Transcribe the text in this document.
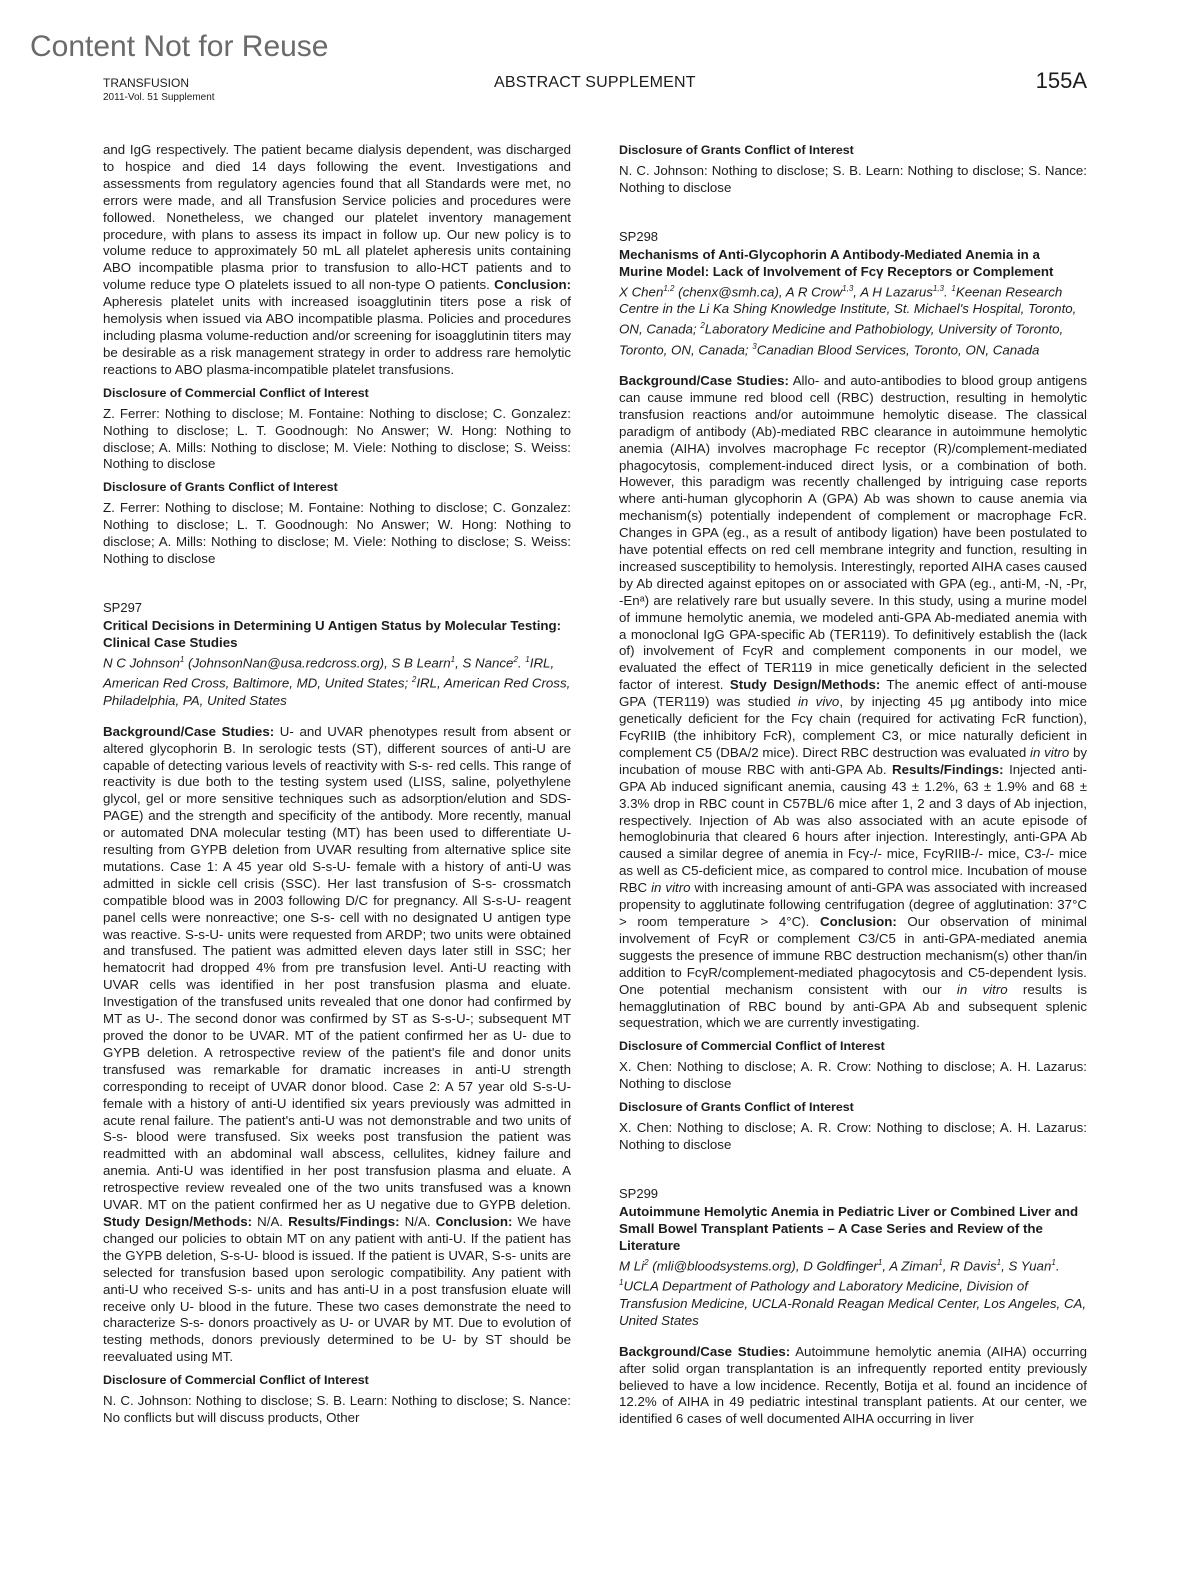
Content Not for Reuse
TRANSFUSION
2011-Vol. 51 Supplement
ABSTRACT SUPPLEMENT	155A

and IgG respectively. The patient became dialysis dependent, was discharged to hospice and died 14 days following the event. Investigations and assessments from regulatory agencies found that all Standards were met, no errors were made, and all Transfusion Service policies and procedures were followed. Nonetheless, we changed our platelet inventory management procedure, with plans to assess its impact in follow up. Our new policy is to volume reduce to approximately 50 mL all platelet apheresis units containing ABO incompatible plasma prior to transfusion to allo-HCT patients and to volume reduce type O platelets issued to all non-type O patients. Conclusion: Apheresis platelet units with increased isoagglutinin titers pose a risk of hemolysis when issued via ABO incompatible plasma. Policies and procedures including plasma volume-reduction and/or screening for isoagglutinin titers may be desirable as a risk management strategy in order to address rare hemolytic reactions to ABO plasma-incompatible platelet transfusions.

Disclosure of Commercial Conflict of Interest

Z. Ferrer: Nothing to disclose; M. Fontaine: Nothing to disclose; C. Gonzalez: Nothing to disclose; L. T. Goodnough: No Answer; W. Hong: Nothing to disclose; A. Mills: Nothing to disclose; M. Viele: Nothing to disclose; S. Weiss: Nothing to disclose

Disclosure of Grants Conflict of Interest

Z. Ferrer: Nothing to disclose; M. Fontaine: Nothing to disclose; C. Gonzalez: Nothing to disclose; L. T. Goodnough: No Answer; W. Hong: Nothing to disclose; A. Mills: Nothing to disclose; M. Viele: Nothing to disclose; S. Weiss: Nothing to disclose

SP297
Critical Decisions in Determining U Antigen Status by Molecular Testing: Clinical Case Studies
N C Johnson$^1$ (JohnsonNan@usa.redcross.org), S B Learn$^1$, S Nance$^2$. $^1$IRL, American Red Cross, Baltimore, MD, United States; $^2$IRL, American Red Cross, Philadelphia, PA, United States

Background/Case Studies: U- and UVAR phenotypes result from absent or altered glycophorin B. In serologic tests (ST), different sources of anti-U are capable of detecting various levels of reactivity with S-s- red cells. This range of reactivity is due both to the testing system used (LISS, saline, polyethylene glycol, gel or more sensitive techniques such as adsorption/elution and SDS-PAGE) and the strength and specificity of the antibody. More recently, manual or automated DNA molecular testing (MT) has been used to differentiate U- resulting from GYPB deletion from UVAR resulting from alternative splice site mutations. Case 1: A 45 year old S-s-U- female with a history of anti-U was admitted in sickle cell crisis (SSC). Her last transfusion of S-s- crossmatch compatible blood was in 2003 following D/C for pregnancy. All S-s-U- reagent panel cells were nonreactive; one S-s- cell with no designated U antigen type was reactive. S-s-U- units were requested from ARDP; two units were obtained and transfused. The patient was admitted eleven days later still in SSC; her hematocrit had dropped 4% from pre transfusion level. Anti-U reacting with UVAR cells was identified in her post transfusion plasma and eluate. Investigation of the transfused units revealed that one donor had confirmed by MT as U-. The second donor was confirmed by ST as S-s-U-; subsequent MT proved the donor to be UVAR. MT of the patient confirmed her as U- due to GYPB deletion. A retrospective review of the patient's file and donor units transfused was remarkable for dramatic increases in anti-U strength corresponding to receipt of UVAR donor blood. Case 2: A 57 year old S-s-U- female with a history of anti-U identified six years previously was admitted in acute renal failure. The patient's anti-U was not demonstrable and two units of S-s- blood were transfused. Six weeks post transfusion the patient was readmitted with an abdominal wall abscess, cellulites, kidney failure and anemia. Anti-U was identified in her post transfusion plasma and eluate. A retrospective review revealed one of the two units transfused was a known UVAR. MT on the patient confirmed her as U negative due to GYPB deletion. Study Design/Methods: N/A. Results/Findings: N/A. Conclusion: We have changed our policies to obtain MT on any patient with anti-U. If the patient has the GYPB deletion, S-s-U- blood is issued. If the patient is UVAR, S-s- units are selected for transfusion based upon serologic compatibility. Any patient with anti-U who received S-s- units and has anti-U in a post transfusion eluate will receive only U- blood in the future. These two cases demonstrate the need to characterize S-s- donors proactively as U- or UVAR by MT. Due to evolution of testing methods, donors previously determined to be U- by ST should be reevaluated using MT.

Disclosure of Commercial Conflict of Interest

N. C. Johnson: Nothing to disclose; S. B. Learn: Nothing to disclose; S. Nance: No conflicts but will discuss products, Other

Disclosure of Grants Conflict of Interest

N. C. Johnson: Nothing to disclose; S. B. Learn: Nothing to disclose; S. Nance: Nothing to disclose

SP298
Mechanisms of Anti-Glycophorin A Antibody-Mediated Anemia in a Murine Model: Lack of Involvement of Fcγ Receptors or Complement
X Chen$^{1,2}$ (chenx@smh.ca), A R Crow$^{1,3}$, A H Lazarus$^{1,3}$. $^1$Keenan Research Centre in the Li Ka Shing Knowledge Institute, St. Michael's Hospital, Toronto, ON, Canada; $^2$Laboratory Medicine and Pathobiology, University of Toronto, Toronto, ON, Canada; $^3$Canadian Blood Services, Toronto, ON, Canada

Background/Case Studies: Allo- and auto-antibodies to blood group antigens can cause immune red blood cell (RBC) destruction, resulting in hemolytic transfusion reactions and/or autoimmune hemolytic disease. The classical paradigm of antibody (Ab)-mediated RBC clearance in autoimmune hemolytic anemia (AIHA) involves macrophage Fc receptor (R)/complement-mediated phagocytosis, complement-induced direct lysis, or a combination of both. However, this paradigm was recently challenged by intriguing case reports where anti-human glycophorin A (GPA) Ab was shown to cause anemia via mechanism(s) potentially independent of complement or macrophage FcR. Changes in GPA (eg., as a result of antibody ligation) have been postulated to have potential effects on red cell membrane integrity and function, resulting in increased susceptibility to hemolysis. Interestingly, reported AIHA cases caused by Ab directed against epitopes on or associated with GPA (eg., anti-M, -N, -Pr, -Enᵃ) are relatively rare but usually severe. In this study, using a murine model of immune hemolytic anemia, we modeled anti-GPA Ab-mediated anemia with a monoclonal IgG GPA-specific Ab (TER119). To definitively establish the (lack of) involvement of FcγR and complement components in our model, we evaluated the effect of TER119 in mice genetically deficient in the selected factor of interest. Study Design/Methods: The anemic effect of anti-mouse GPA (TER119) was studied in vivo, by injecting 45 μg antibody into mice genetically deficient for the Fcγ chain (required for activating FcR function), FcγRIIB (the inhibitory FcR), complement C3, or mice naturally deficient in complement C5 (DBA/2 mice). Direct RBC destruction was evaluated in vitro by incubation of mouse RBC with anti-GPA Ab. Results/Findings: Injected anti-GPA Ab induced significant anemia, causing 43 ± 1.2%, 63 ± 1.9% and 68 ± 3.3% drop in RBC count in C57BL/6 mice after 1, 2 and 3 days of Ab injection, respectively. Injection of Ab was also associated with an acute episode of hemoglobinuria that cleared 6 hours after injection. Interestingly, anti-GPA Ab caused a similar degree of anemia in Fcγ-/- mice, FcγRIIB-/- mice, C3-/- mice as well as C5-deficient mice, as compared to control mice. Incubation of mouse RBC in vitro with increasing amount of anti-GPA was associated with increased propensity to agglutinate following centrifugation (degree of agglutination: 37°C > room temperature > 4°C). Conclusion: Our observation of minimal involvement of FcγR or complement C3/C5 in anti-GPA-mediated anemia suggests the presence of immune RBC destruction mechanism(s) other than/in addition to FcγR/complement-mediated phagocytosis and C5-dependent lysis. One potential mechanism consistent with our in vitro results is hemagglutination of RBC bound by anti-GPA Ab and subsequent splenic sequestration, which we are currently investigating.

Disclosure of Commercial Conflict of Interest

X. Chen: Nothing to disclose; A. R. Crow: Nothing to disclose; A. H. Lazarus: Nothing to disclose

Disclosure of Grants Conflict of Interest

X. Chen: Nothing to disclose; A. R. Crow: Nothing to disclose; A. H. Lazarus: Nothing to disclose

SP299
Autoimmune Hemolytic Anemia in Pediatric Liver or Combined Liver and Small Bowel Transplant Patients – A Case Series and Review of the Literature
M Li$^2$ (mli@bloodsystems.org), D Goldfinger$^1$, A Ziman$^1$, R Davis$^1$, S Yuan$^1$. $^1$UCLA Department of Pathology and Laboratory Medicine, Division of Transfusion Medicine, UCLA-Ronald Reagan Medical Center, Los Angeles, CA, United States

Background/Case Studies: Autoimmune hemolytic anemia (AIHA) occurring after solid organ transplantation is an infrequently reported entity previously believed to have a low incidence. Recently, Botija et al. found an incidence of 12.2% of AIHA in 49 pediatric intestinal transplant patients. At our center, we identified 6 cases of well documented AIHA occurring in liver
